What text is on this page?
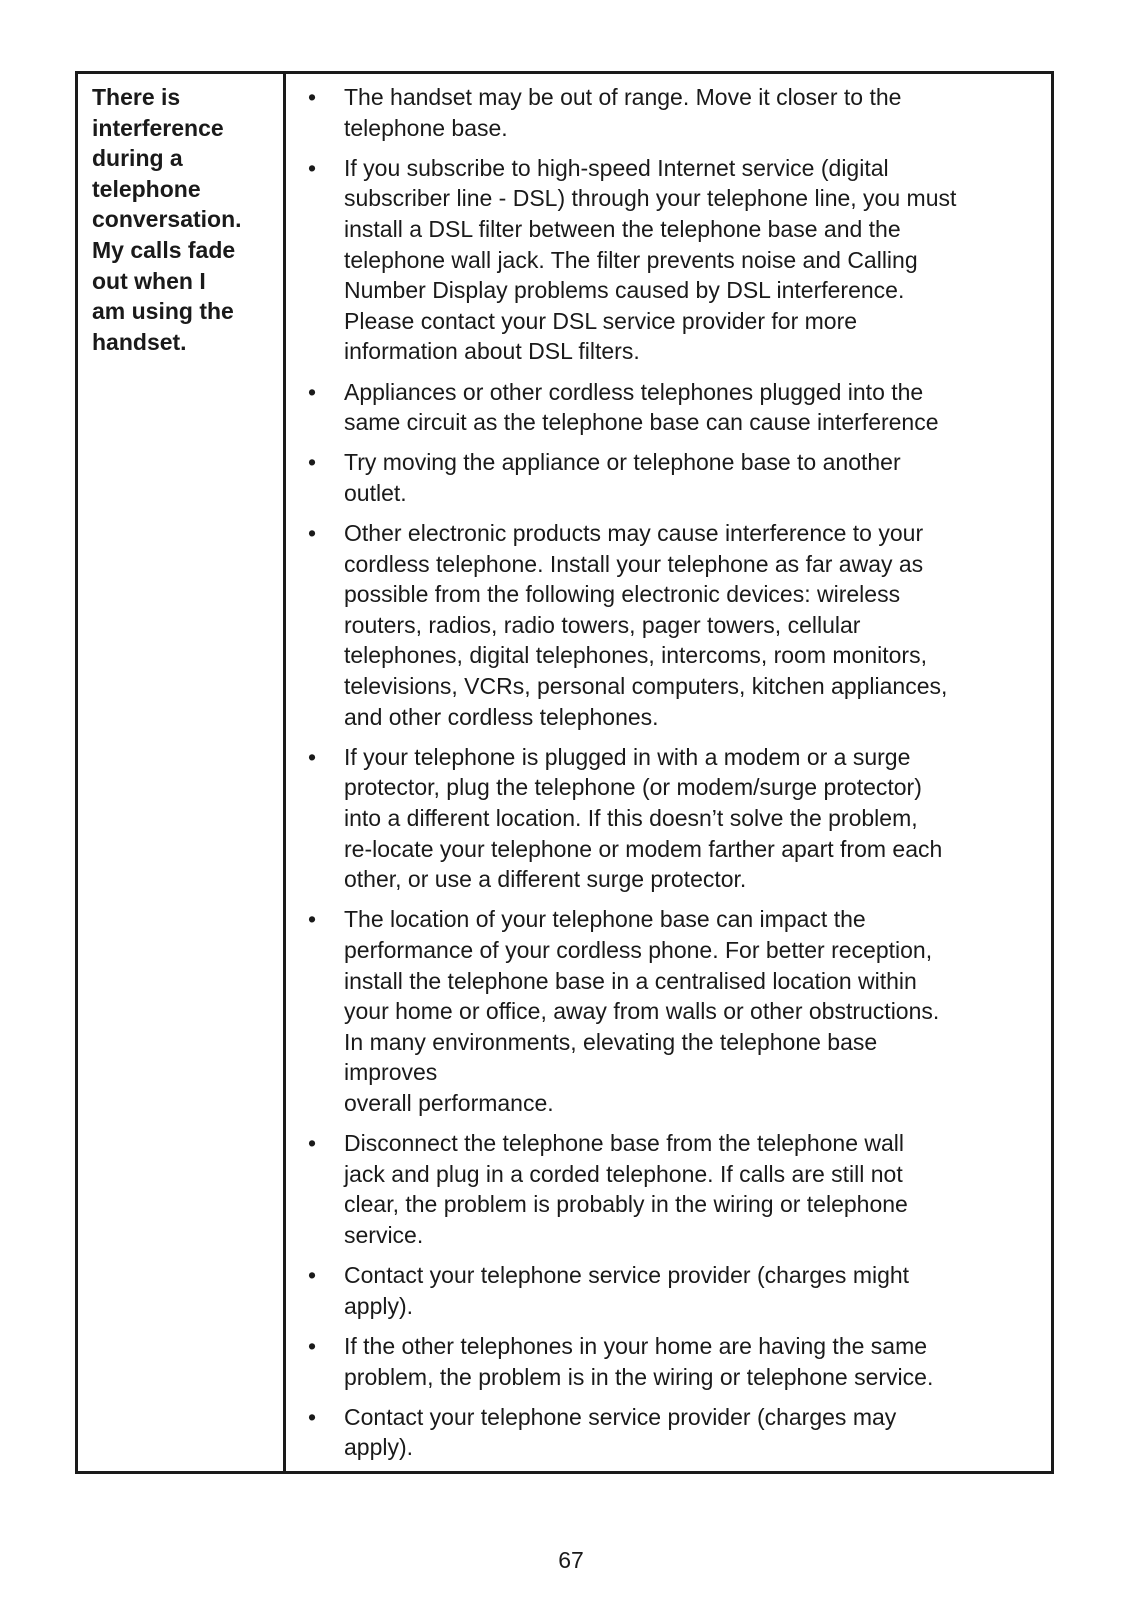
There is
interference
during a
telephone
conversation.
My calls fade
out when I
am using the
handset.

• The handset may be out of range. Move it closer to the
telephone base.
• If you subscribe to high-speed Internet service (digital
subscriber line - DSL) through your telephone line, you must
install a DSL filter between the telephone base and the
telephone wall jack. The filter prevents noise and Calling
Number Display problems caused by DSL interference.
Please contact your DSL service provider for more
information about DSL filters.
• Appliances or other cordless telephones plugged into the
same circuit as the telephone base can cause interference
• Try moving the appliance or telephone base to another
outlet.
• Other electronic products may cause interference to your
cordless telephone. Install your telephone as far away as
possible from the following electronic devices: wireless
routers, radios, radio towers, pager towers, cellular
telephones, digital telephones, intercoms, room monitors,
televisions, VCRs, personal computers, kitchen appliances,
and other cordless telephones.
• If your telephone is plugged in with a modem or a surge
protector, plug the telephone (or modem/surge protector)
into a different location. If this doesn’t solve the problem,
re-locate your telephone or modem farther apart from each
other, or use a different surge protector.
• The location of your telephone base can impact the
performance of your cordless phone. For better reception,
install the telephone base in a centralised location within
your home or office, away from walls or other obstructions.
In many environments, elevating the telephone base
improves
overall performance.
• Disconnect the telephone base from the telephone wall
jack and plug in a corded telephone. If calls are still not
clear, the problem is probably in the wiring or telephone
service.
• Contact your telephone service provider (charges might
apply).
• If the other telephones in your home are having the same
problem, the problem is in the wiring or telephone service.
• Contact your telephone service provider (charges may
apply).
67
